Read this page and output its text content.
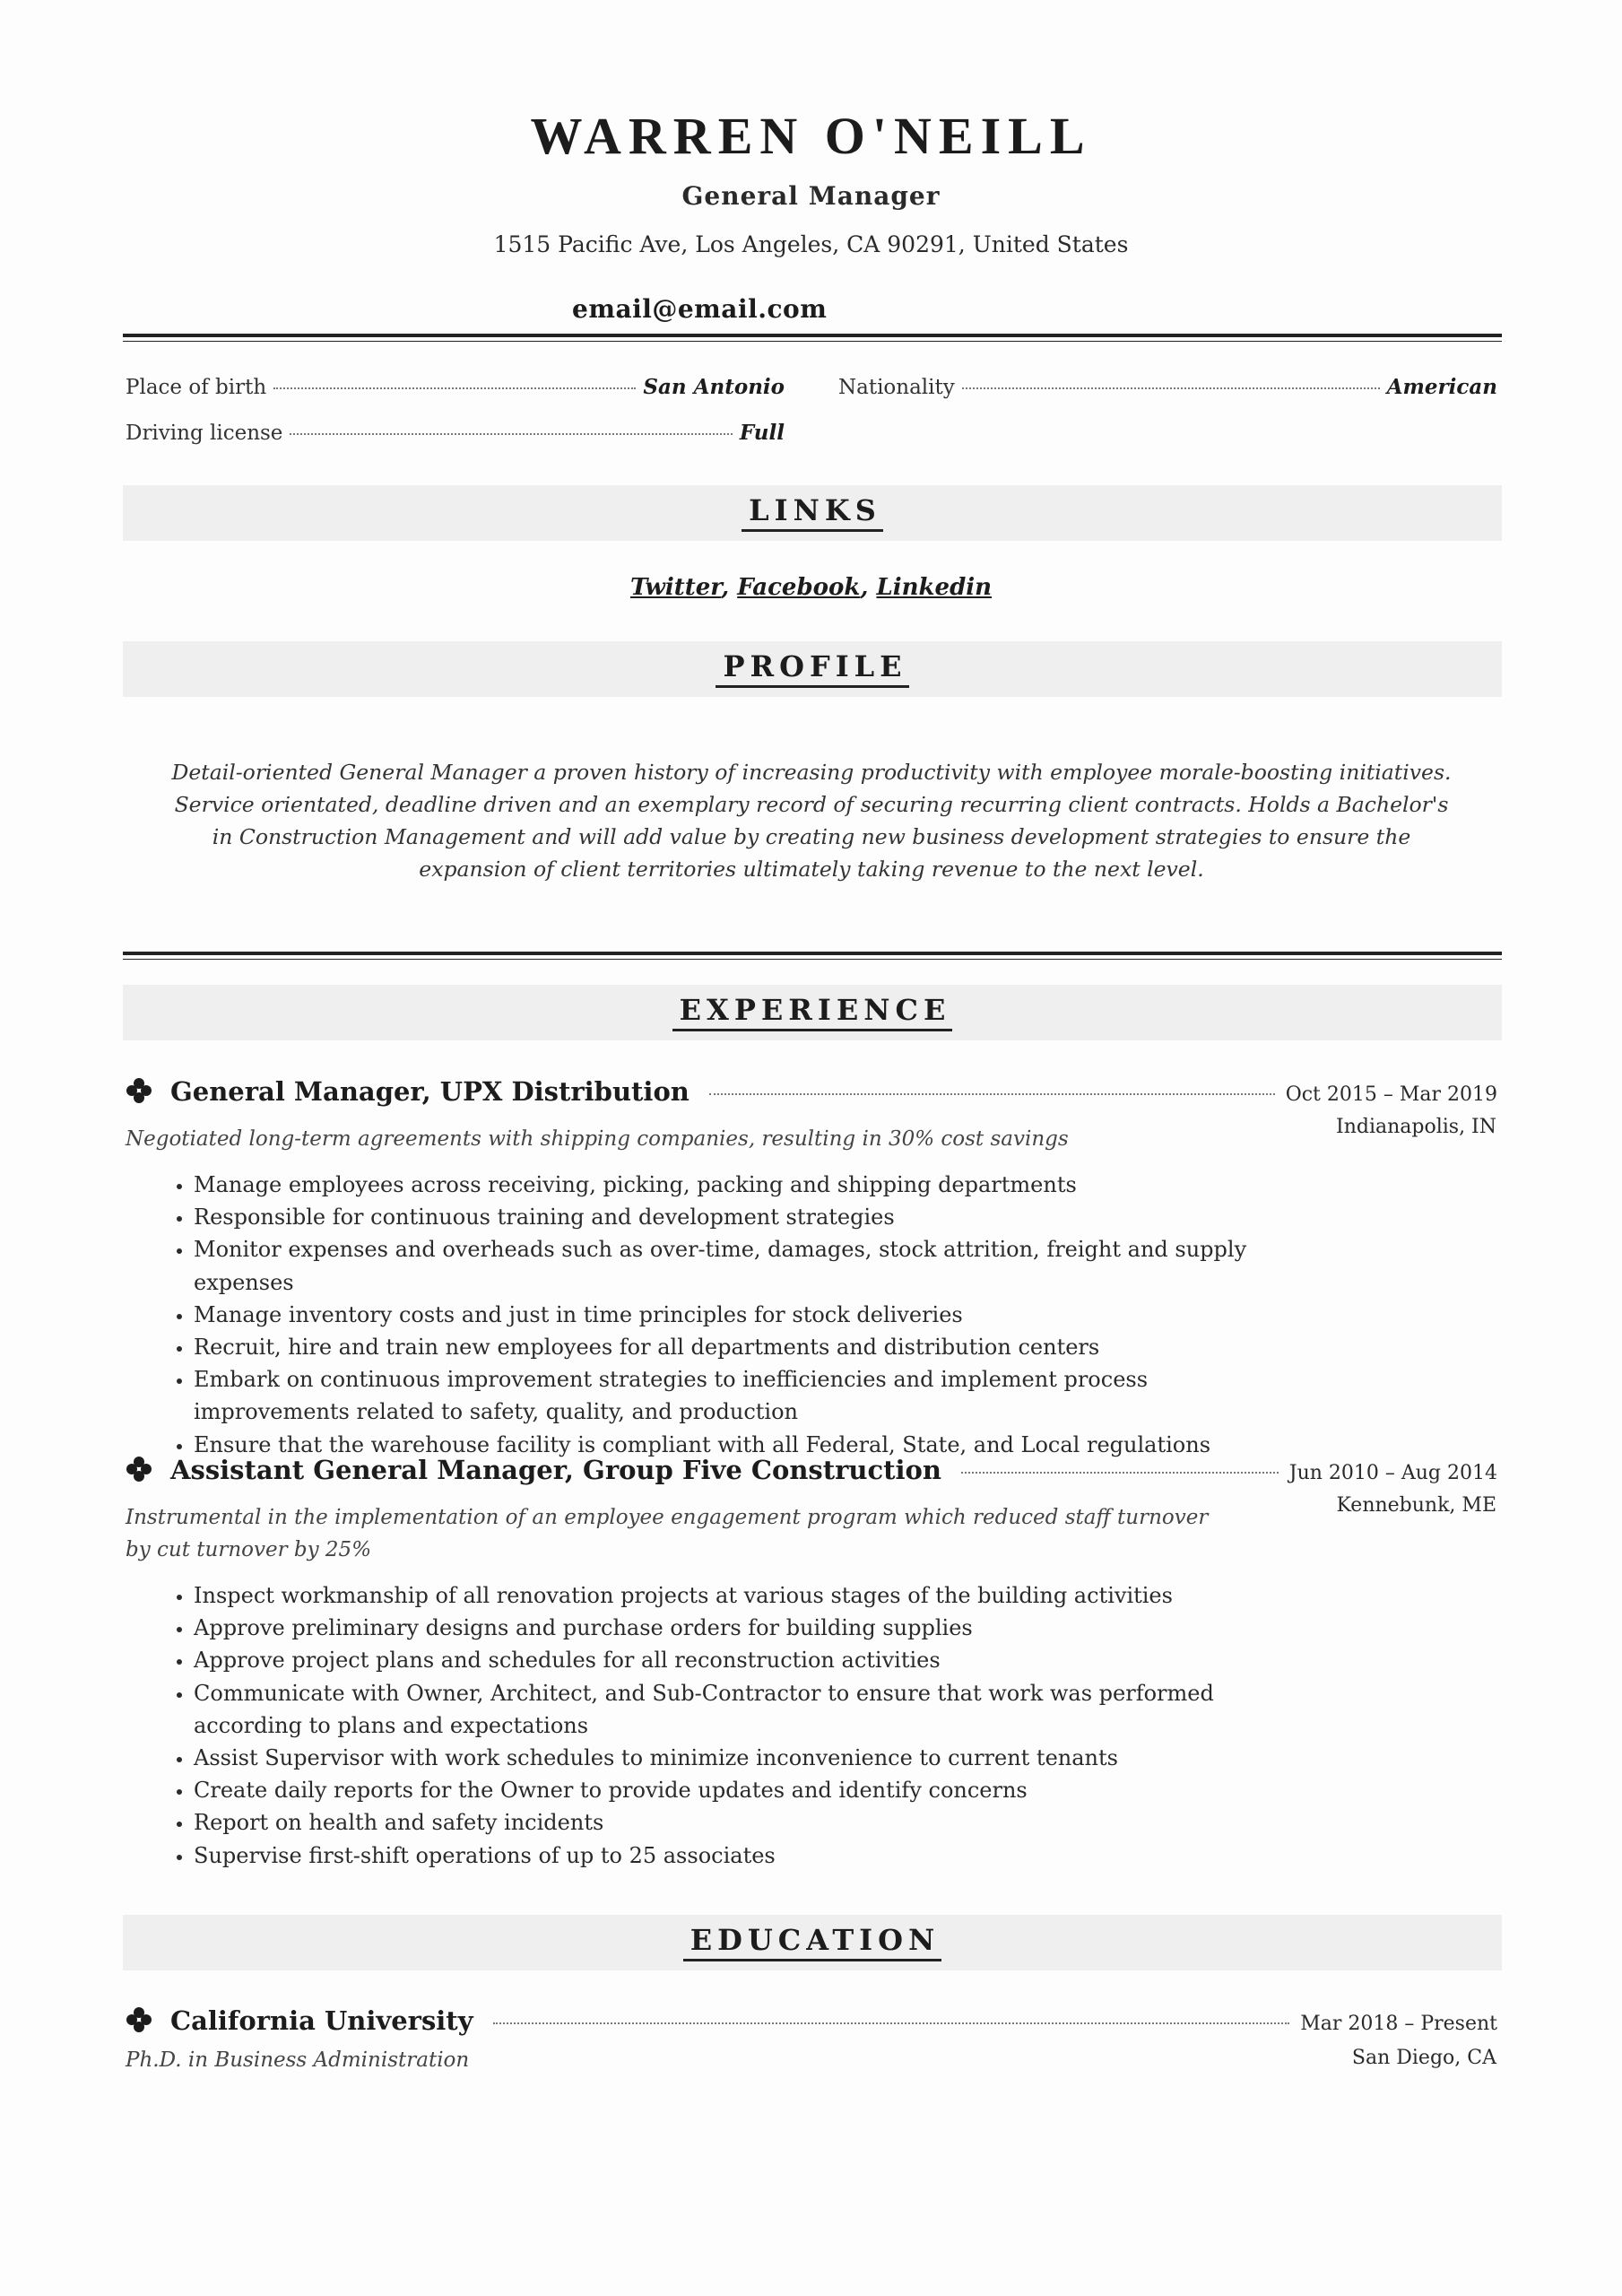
WARREN O'NEILL
General Manager
1515 Pacific Ave, Los Angeles, CA 90291, United States
email@email.com
Place of birth	San Antonio	Nationality	American
Driving license	Full
LINKS
Twitter, Facebook, Linkedin
PROFILE

Detail-oriented General Manager a proven history of increasing productivity with employee morale-boosting initiatives. Service orientated, deadline driven and an exemplary record of securing recurring client contracts. Holds a Bachelor's in Construction Management and will add value by creating new business development strategies to ensure the expansion of client territories ultimately taking revenue to the next level.

EXPERIENCE
General Manager, UPX Distribution	Oct 2015 – Mar 2019
Indianapolis, IN

Negotiated long-term agreements with shipping companies, resulting in 30% cost savings

• Manage employees across receiving, picking, packing and shipping departments
• Responsible for continuous training and development strategies
• Monitor expenses and overheads such as over-time, damages, stock attrition, freight and supply expenses
• Manage inventory costs and just in time principles for stock deliveries
• Recruit, hire and train new employees for all departments and distribution centers
• Embark on continuous improvement strategies to inefficiencies and implement process improvements related to safety, quality, and production
• Ensure that the warehouse facility is compliant with all Federal, State, and Local regulations
Assistant General Manager, Group Five Construction	Jun 2010 – Aug 2014
Kennebunk, ME

Instrumental in the implementation of an employee engagement program which reduced staff turnover by cut turnover by 25%

• Inspect workmanship of all renovation projects at various stages of the building activities
• Approve preliminary designs and purchase orders for building supplies
• Approve project plans and schedules for all reconstruction activities
• Communicate with Owner, Architect, and Sub-Contractor to ensure that work was performed according to plans and expectations
• Assist Supervisor with work schedules to minimize inconvenience to current tenants
• Create daily reports for the Owner to provide updates and identify concerns
• Report on health and safety incidents
• Supervise first-shift operations of up to 25 associates
EDUCATION
California University	Mar 2018 – Present
San Diego, CA

Ph.D. in Business Administration
